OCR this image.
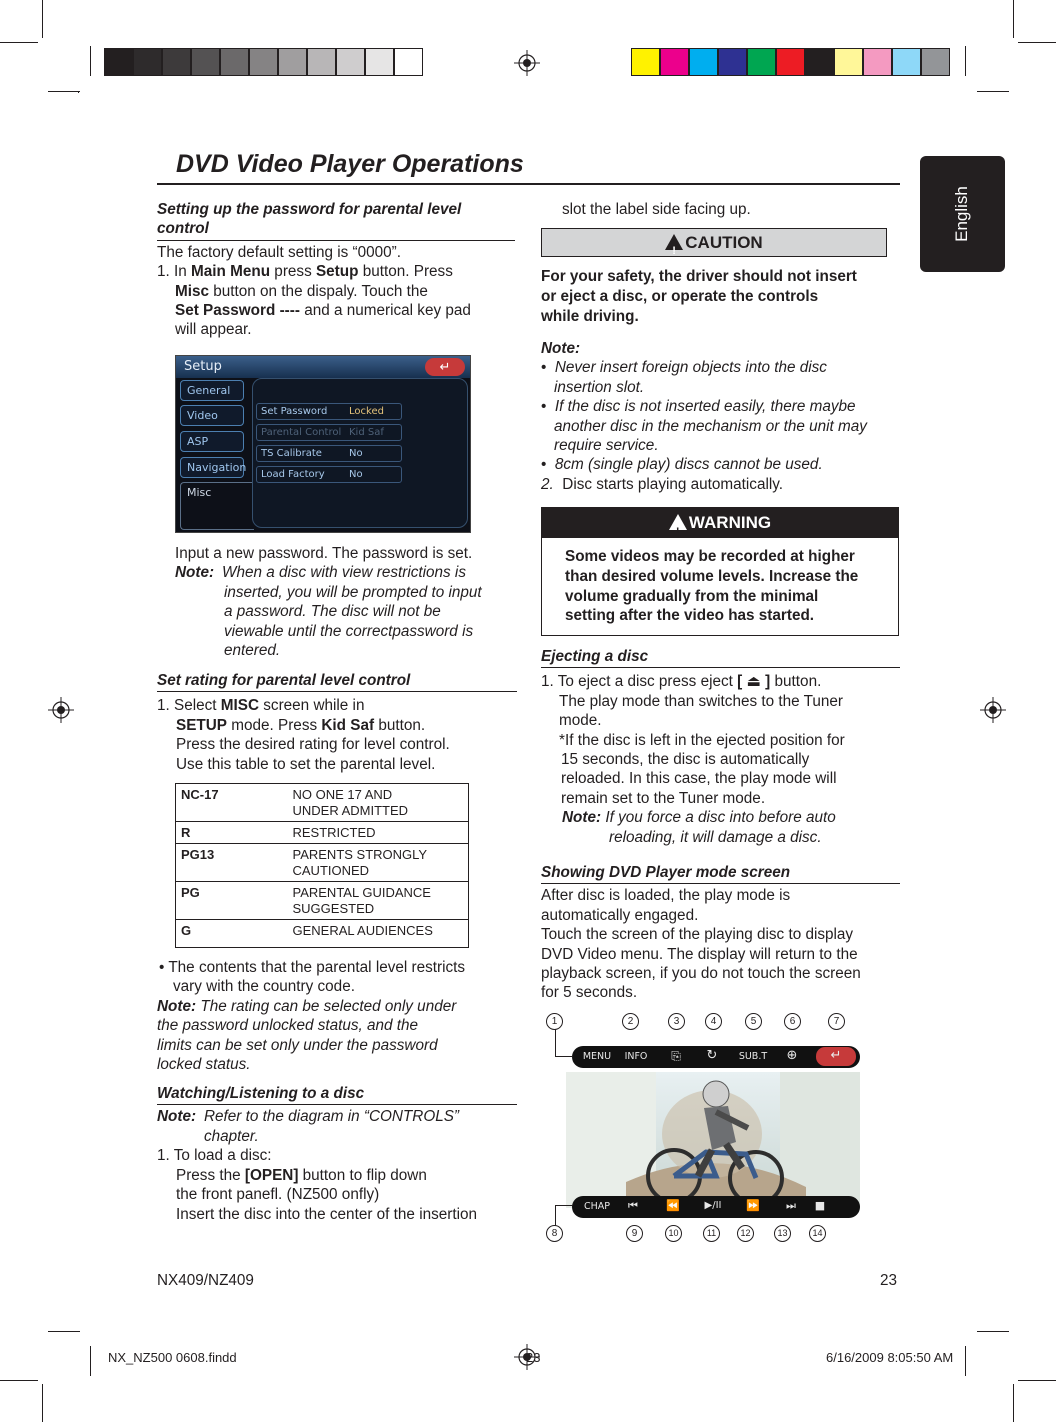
DVD Video Player Operations
English
Setting up the password for parental level control

The factory default setting is “0000”.

1. In Main Menu press Setup button. Press

Misc button on the dispaly. Touch the

Set Password ---- and a numerical key pad

will appear.

Setup	↵
General
Video
ASP
Navigation
Misc
Set Password Locked
Parental Control Kid Saf
TS Calibrate	No
Load Factory No

Input a new password. The password is set.

Note: When a disc with view restrictions is

inserted, you will be prompted to input

a password. The disc will not be

viewable until the correctpassword is

entered.

Set rating for parental level control

1. Select MISC screen while in

SETUP mode. Press Kid Saf button.

Press the desired rating for level control.

Use this table to set the parental level.

NC-17	NO ONE 17 AND
UNDER ADMITTED
R	RESTRICTED
PG13	PARENTS STRONGLY
CAUTIONED
PG	PARENTAL GUIDANCE
SUGGESTED
G	GENERAL AUDIENCES

• The contents that the parental level restricts

vary with the country code.

Note: The rating can be selected only under

the password unlocked status, and the

limits can be set only under the password

locked status.

Watching/Listening to a disc
Note: Refer to the diagram in “CONTROLS”

chapter.

1. To load a disc:

Press the [OPEN] button to flip down

the front panefl. (NZ500 onfly)

Insert the disc into the center of the insertion

slot the label side facing up.
! CAUTION

For your safety, the driver should not insert

or eject a disc, or operate the controls

while driving.

Note:

•  Never insert foreign objects into the disc

insertion slot.

•  If the disc is not inserted easily, there maybe

another disc in the mechanism or the unit may

require service.

•  8cm (single play) discs cannot be used.

2. Disc starts playing automatically.

! WARNING

Some videos may be recorded at higher

than desired volume levels. Increase the

volume gradually from the minimal

setting after the video has started.

Ejecting a disc

1. To eject a disc press eject [ ⏏ ] button.

The play mode than switches to the Tuner

mode.

*If the disc is left in the ejected position for

15 seconds, the disc is automatically

reloaded. In this case, the play mode will

remain set to the Tuner mode.

Note: If you force a disc into before auto

reloading, it will damage a disc.

Showing DVD Player mode screen

After disc is loaded, the play mode is

automatically engaged.

Touch the screen of the playing disc to display

DVD Video menu. The display will return to the

playback screen, if you do not touch the screen

for 5 seconds.

MENU INFO ⎘ ↻ SUB.T ⊕	↵
CHAP	⏮	⏪	▶/II	⏩	⏭	■
1	2	3	4	5	6	7
8	9	10	11	12	13	14
NX409/NZ409	23
NX_NZ500 0608.findd	23	6/16/2009 8:05:50 AM
